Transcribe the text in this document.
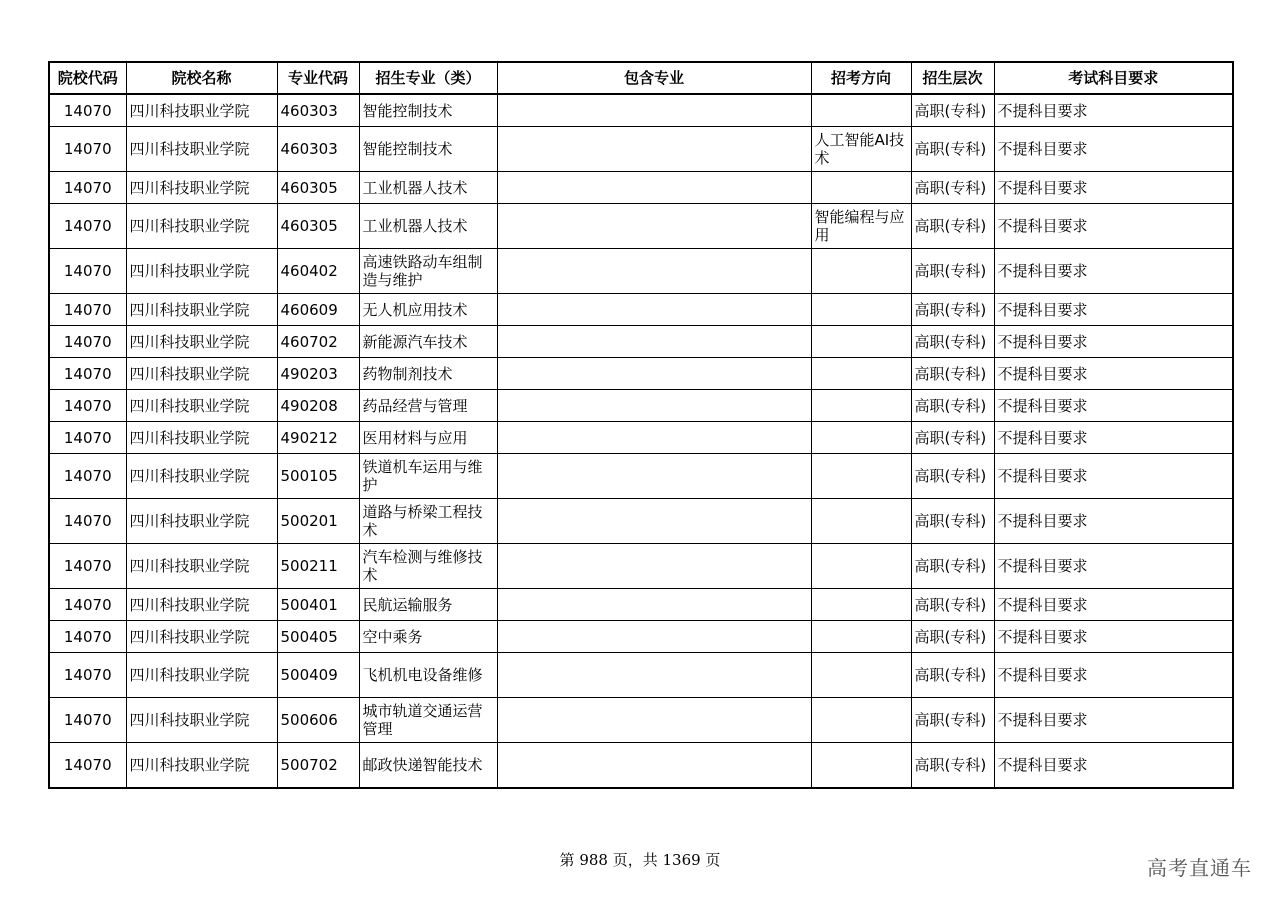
院校代码	院校名称	专业代码	招生专业（类）	包含专业	招考方向	招生层次	考试科目要求
14070	四川科技职业学院	460303	智能控制技术			高职(专科)	不提科目要求
14070	四川科技职业学院	460303	智能控制技术		人工智能AI技术	高职(专科)	不提科目要求
14070	四川科技职业学院	460305	工业机器人技术			高职(专科)	不提科目要求
14070	四川科技职业学院	460305	工业机器人技术		智能编程与应用	高职(专科)	不提科目要求
14070	四川科技职业学院	460402	高速铁路动车组制造与维护			高职(专科)	不提科目要求
14070	四川科技职业学院	460609	无人机应用技术			高职(专科)	不提科目要求
14070	四川科技职业学院	460702	新能源汽车技术			高职(专科)	不提科目要求
14070	四川科技职业学院	490203	药物制剂技术			高职(专科)	不提科目要求
14070	四川科技职业学院	490208	药品经营与管理			高职(专科)	不提科目要求
14070	四川科技职业学院	490212	医用材料与应用			高职(专科)	不提科目要求
14070	四川科技职业学院	500105	铁道机车运用与维护			高职(专科)	不提科目要求
14070	四川科技职业学院	500201	道路与桥梁工程技术			高职(专科)	不提科目要求
14070	四川科技职业学院	500211	汽车检测与维修技术			高职(专科)	不提科目要求
14070	四川科技职业学院	500401	民航运输服务			高职(专科)	不提科目要求
14070	四川科技职业学院	500405	空中乘务			高职(专科)	不提科目要求
14070	四川科技职业学院	500409	飞机机电设备维修			高职(专科)	不提科目要求
14070	四川科技职业学院	500606	城市轨道交通运营管理			高职(专科)	不提科目要求
14070	四川科技职业学院	500702	邮政快递智能技术			高职(专科)	不提科目要求
第 988 页，共 1369 页	高考直通车
